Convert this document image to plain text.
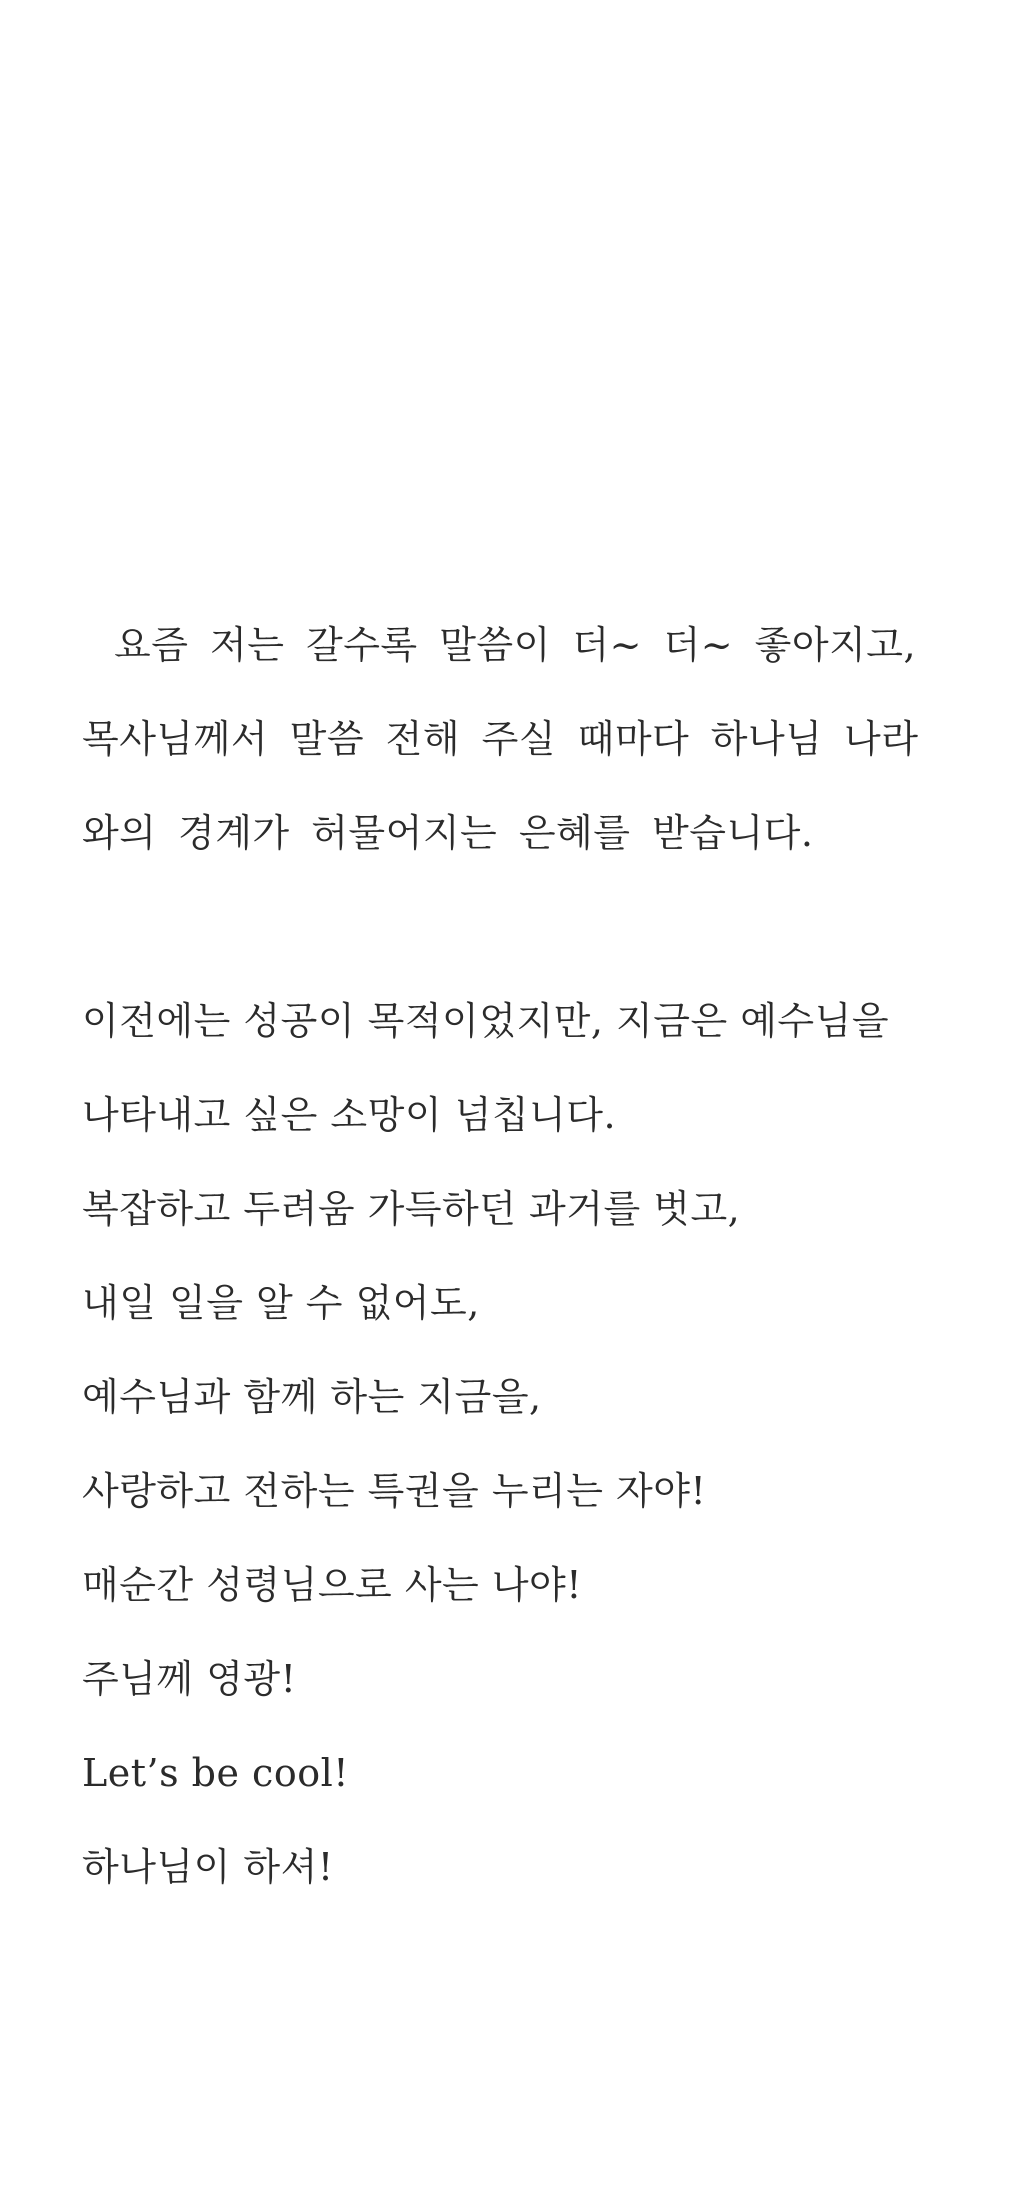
요즘 저는 갈수록 말씀이 더~ 더~ 좋아지고,
목사님께서 말씀 전해 주실 때마다 하나님 나라
와의 경계가 허물어지는 은혜를 받습니다.
이전에는 성공이 목적이었지만, 지금은 예수님을
나타내고 싶은 소망이 넘칩니다.
복잡하고 두려움 가득하던 과거를 벗고,
내일 일을 알 수 없어도,
예수님과 함께 하는 지금을,
사랑하고 전하는 특권을 누리는 자야!
매순간 성령님으로 사는 나야!
주님께 영광!
Let’s be cool!
하나님이 하셔!
